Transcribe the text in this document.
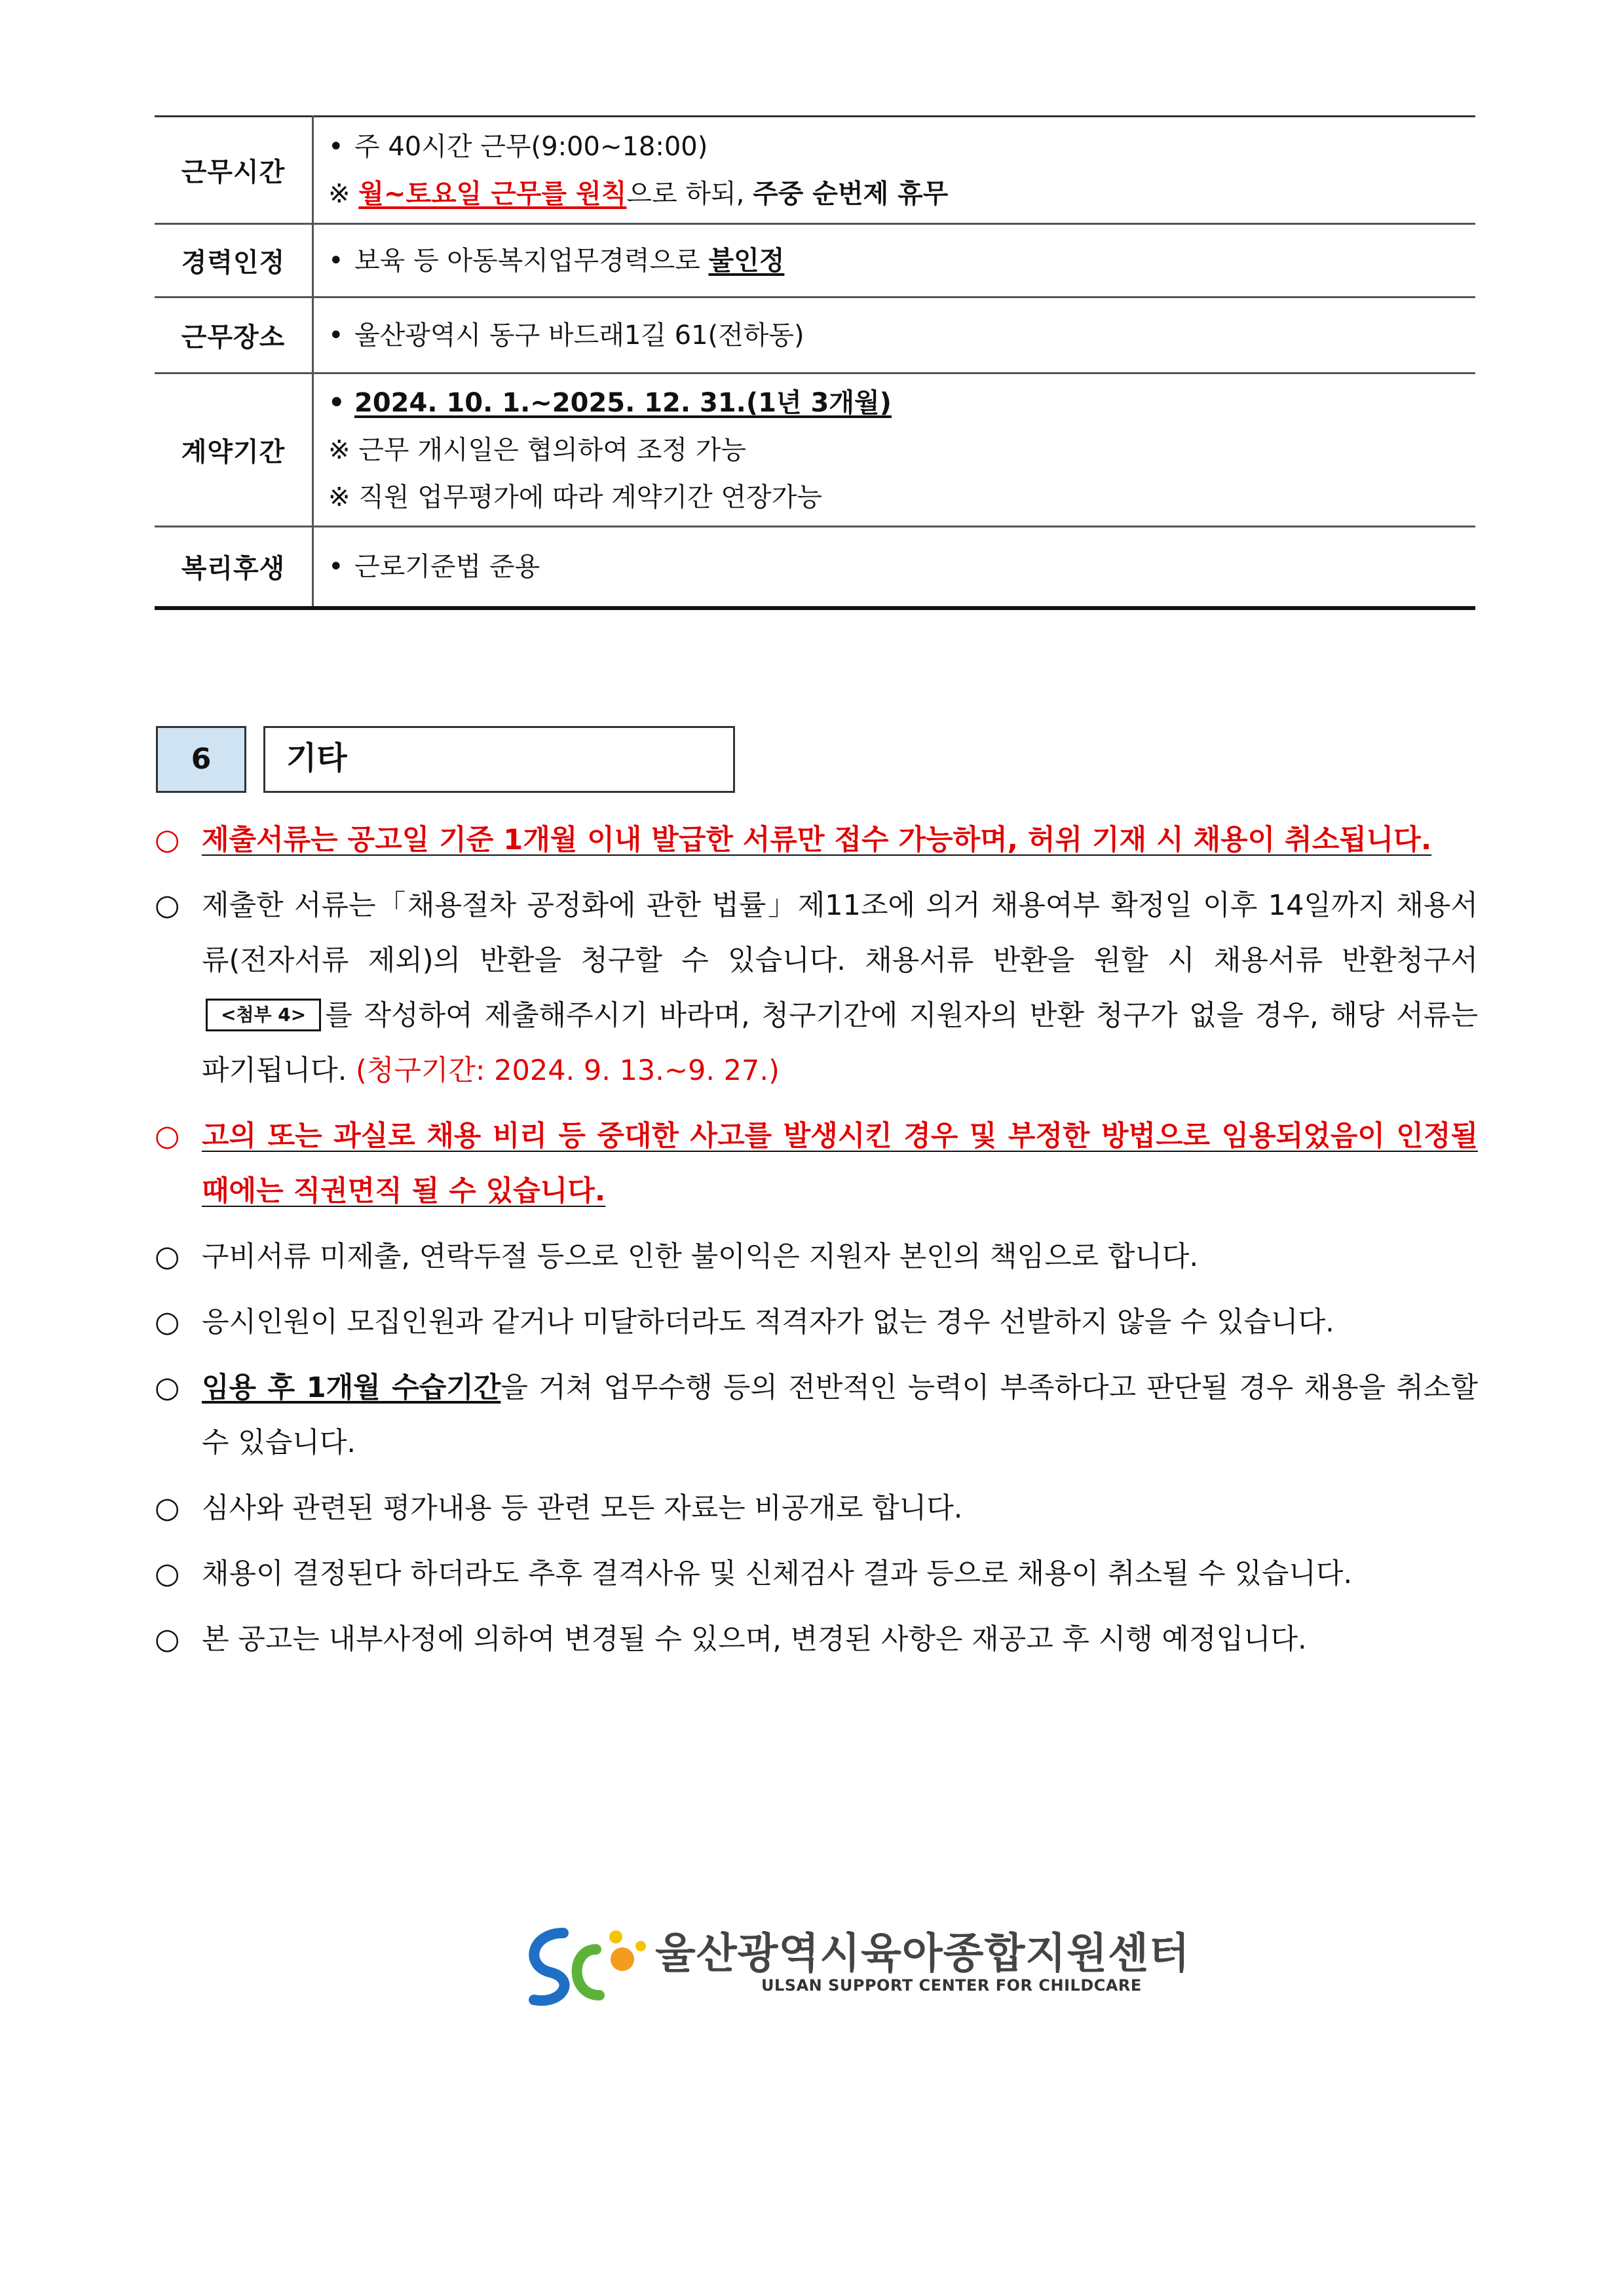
근무시간	• 주 40시간 근무(9:00~18:00)
※ 월~토요일 근무를 원칙으로 하되, 주중 순번제 휴무

경력인정	• 보육 등 아동복지업무경력으로 불인정

근무장소	• 울산광역시 동구 바드래1길 61(전하동)

계약기간	• 2024. 10. 1.~2025. 12. 31.(1년 3개월)
※ 근무 개시일은 협의하여 조정 가능
※ 직원 업무평가에 따라 계약기간 연장가능

복리후생	• 근로기준법 준용
6	기타
○ 제출서류는 공고일 기준 1개월 이내 발급한 서류만 접수 가능하며, 허위 기재 시 채용이 취소됩니다.
○ 제출한 서류는「채용절차 공정화에 관한 법률」제11조에 의거 채용여부 확정일 이후 14일까지 채용서류(전자서류 제외)의 반환을 청구할 수 있습니다. 채용서류 반환을 원할 시 채용서류 반환청구서<첨부 4> 를 작성하여 제출해주시기 바라며, 청구기간에 지원자의 반환 청구가 없을 경우, 해당 서류는 파기됩니다. (청구기간: 2024. 9. 13.~9. 27.)
○ 고의 또는 과실로 채용 비리 등 중대한 사고를 발생시킨 경우 및 부정한 방법으로 임용되었음이 인정될 때에는 직권면직 될 수 있습니다.
○ 구비서류 미제출, 연락두절 등으로 인한 불이익은 지원자 본인의 책임으로 합니다.
○ 응시인원이 모집인원과 같거나 미달하더라도 적격자가 없는 경우 선발하지 않을 수 있습니다.
○ 임용 후 1개월 수습기간을 거쳐 업무수행 등의 전반적인 능력이 부족하다고 판단될 경우 채용을 취소할 수 있습니다.
○ 심사와 관련된 평가내용 등 관련 모든 자료는 비공개로 합니다.
○ 채용이 결정된다 하더라도 추후 결격사유 및 신체검사 결과 등으로 채용이 취소될 수 있습니다.
○ 본 공고는 내부사정에 의하여 변경될 수 있으며, 변경된 사항은 재공고 후 시행 예정입니다.
울산광역시육아종합지원센터
ULSAN SUPPORT CENTER FOR CHILDCARE
